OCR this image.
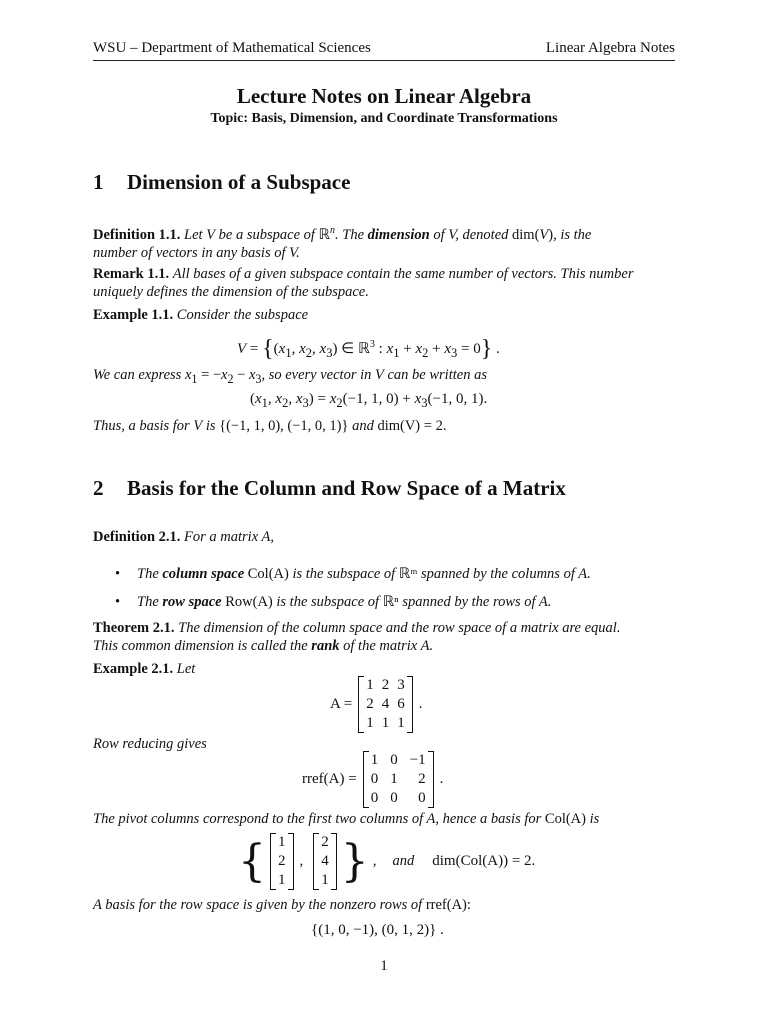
WSU – Department of Mathematical Sciences	Linear Algebra Notes
Lecture Notes on Linear Algebra
Topic: Basis, Dimension, and Coordinate Transformations
1 Dimension of a Subspace
Definition 1.1. Let V be a subspace of ℝ$^n$. The dimension of V, denoted dim(V), is the
number of vectors in any basis of V.
Remark 1.1. All bases of a given subspace contain the same number of vectors. This number
uniquely defines the dimension of the subspace.
Example 1.1. Consider the subspace
$V = \{(x_1$, $x_2$, $x_3$) ∈ ℝ$^3$ : $x_1 + x_2 + x_3 = 0$} .
We can express $x_1 = -x_2 - x_3$, so every vector in V can be written as
($x_1$, $x_2$, $x_3) = x_2(-1$, 1, $0) + x_3(-1$, 0, 1).
Thus, a basis for V is {(−1, 1, 0), (−1, 0, 1)} and dim(V) = 2.
2 Basis for the Column and Row Space of a Matrix
Definition 2.1. For a matrix A,
• The column space Col(A) is the subspace of ℝᵐ spanned by the columns of A.
• The row space Row(A) is the subspace of ℝⁿ spanned by the rows of A.
Theorem 2.1. The dimension of the column space and the row space of a matrix are equal.
This common dimension is called the rank of the matrix A.
Example 2.1. Let
A =
1 2 3
2 4 6
1 1 1
.
Row reducing gives
rref(A) =
1 0 −1
0 1	2
0 0	0
.
The pivot columns correspond to the first two columns of A, hence a basis for Col(A) is
{ 1
2
1
,
2
4
1 } , and dim(Col(A)) = 2.
A basis for the row space is given by the nonzero rows of rref(A):
{(1, 0, −1), (0, 1, 2)} .
1
